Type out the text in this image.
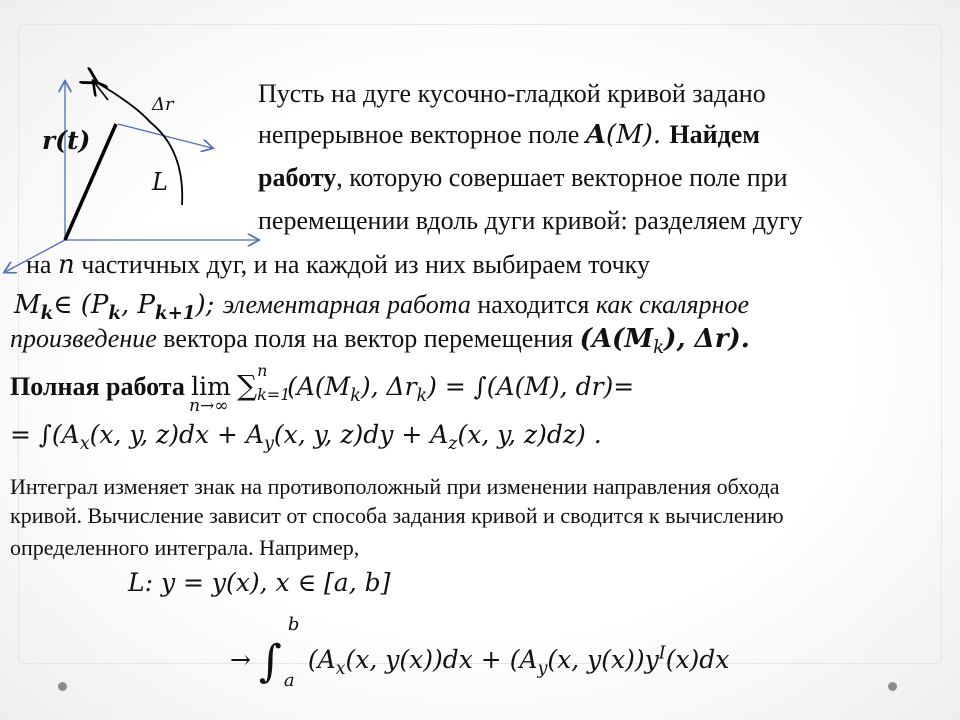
r(t)
Δr
L
Пусть на дуге кусочно-гладкой кривой задано
непрерывное векторное поле A(M). Найдем
работу, которую совершает векторное поле при
перемещении вдоль дуги кривой: разделяем дугу
на n частичных дуг, и на каждой из них выбираем точку
$M_k\in$ ($P_k$, $P_{k+1}$); элементарная работа находится как скалярное
произведение вектора поля на вектор перемещения ($A(M_k)$, Δr).
Полная работа lim
n→∞
∑ n
k=1
($A(M_k)$, $\Delta r_k) = \int(A(M)$, dr)=
= $\int(A_x(x$, y, $z)dx + A_y(x$, y, $z)dy + A_z(x$, y, z)dz) .
Интеграл изменяет знак на противоположный при изменении направления обхода
кривой. Вычисление зависит от способа задания кривой и сводится к вычислению
определенного интеграла. Например,
L: y = y(x), x ∈ [a, b]
→ ∫
b
a
($A_x(x$, $y(x))dx + (A_y(x$, $y(x))y^I(x)dx$
